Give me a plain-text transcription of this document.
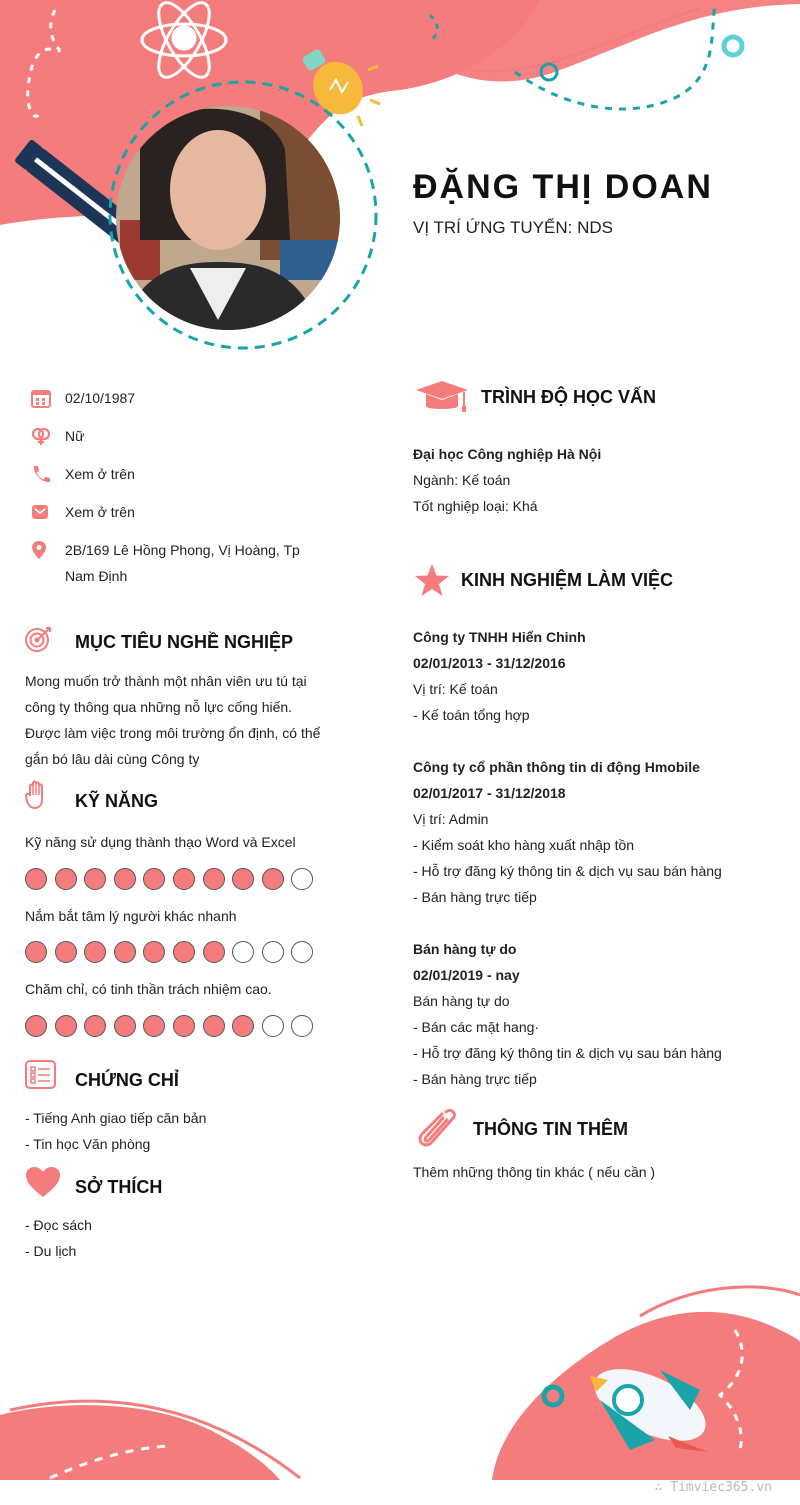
ĐẶNG THỊ DOAN
VỊ TRÍ ỨNG TUYỂN: NDS
02/10/1987
Nữ
Xem ở trên
Xem ở trên
2B/169 Lê Hồng Phong, Vị Hoàng, Tp Nam Định
MỤC TIÊU NGHỀ NGHIỆP
Mong muốn trở thành một nhân viên ưu tú tại công ty thông qua những nỗ lực cống hiến. Được làm việc trong môi trường ổn định, có thể gắn bó lâu dài cùng Công ty
KỸ NĂNG
Kỹ năng sử dụng thành thạo Word và Excel
Nắm bắt tâm lý người khác nhanh
Chăm chỉ, có tinh thần trách nhiệm cao.
CHỨNG CHỈ
- Tiếng Anh giao tiếp căn bản
- Tin học Văn phòng
SỞ THÍCH
- Đọc sách
- Du lịch
TRÌNH ĐỘ HỌC VẤN
Đại học Công nghiệp Hà Nội
Ngành: Kế toán
Tốt nghiệp loại: Khá
KINH NGHIỆM LÀM VIỆC
Công ty TNHH Hiển Chinh
02/01/2013 - 31/12/2016
Vị trí: Kế toán
- Kế toán tổng hợp
Công ty cổ phần thông tin di động Hmobile
02/01/2017 - 31/12/2018
Vị trí: Admin
- Kiểm soát kho hàng xuất nhập tồn
- Hỗ trợ đăng ký thông tin & dịch vụ sau bán hàng
- Bán hàng trực tiếp
Bán hàng tự do
02/01/2019 - nay
Bán hàng tự do
- Bán các mặt hang·
- Hỗ trợ đăng ký thông tin & dịch vụ sau bán hàng
- Bán hàng trực tiếp
THÔNG TIN THÊM
Thêm những thông tin khác ( nếu cần )
∴ Timviec365.vn
